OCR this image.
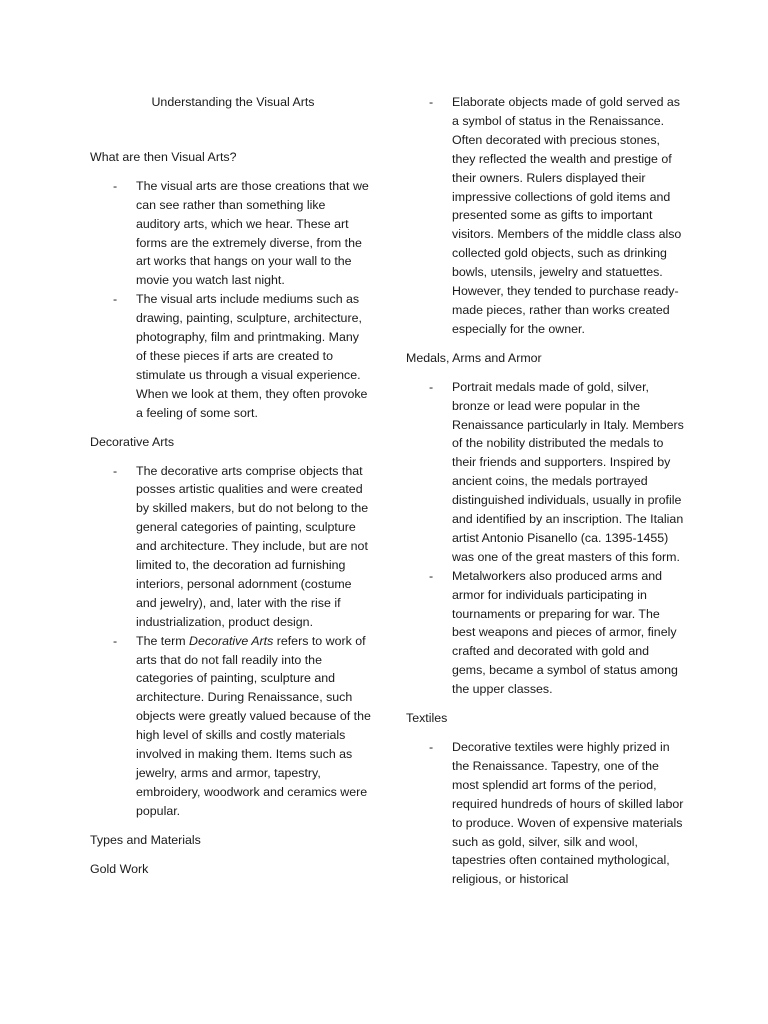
Understanding the Visual Arts
What are then Visual Arts?
- The visual arts are those creations that we can see rather than something like auditory arts, which we hear. These art forms are the extremely diverse, from the art works that hangs on your wall to the movie you watch last night.
- The visual arts include mediums such as drawing, painting, sculpture, architecture, photography, film and printmaking. Many of these pieces if arts are created to stimulate us through a visual experience. When we look at them, they often provoke a feeling of some sort.
Decorative Arts
- The decorative arts comprise objects that posses artistic qualities and were created by skilled makers, but do not belong to the general categories of painting, sculpture and architecture. They include, but are not limited to, the decoration ad furnishing interiors, personal adornment (costume and jewelry), and, later with the rise if industrialization, product design.
- The term Decorative Arts refers to work of arts that do not fall readily into the categories of painting, sculpture and architecture. During Renaissance, such objects were greatly valued because of the high level of skills and costly materials involved in making them. Items such as jewelry, arms and armor, tapestry, embroidery, woodwork and ceramics were popular.
Types and Materials
Gold Work
- Elaborate objects made of gold served as a symbol of status in the Renaissance. Often decorated with precious stones, they reflected the wealth and prestige of their owners. Rulers displayed their impressive collections of gold items and presented some as gifts to important visitors. Members of the middle class also collected gold objects, such as drinking bowls, utensils, jewelry and statuettes. However, they tended to purchase ready-made pieces, rather than works created especially for the owner.
Medals, Arms and Armor
- Portrait medals made of gold, silver, bronze or lead were popular in the Renaissance particularly in Italy. Members of the nobility distributed the medals to their friends and supporters. Inspired by ancient coins, the medals portrayed distinguished individuals, usually in profile and identified by an inscription. The Italian artist Antonio Pisanello (ca. 1395-1455) was one of the great masters of this form.
- Metalworkers also produced arms and armor for individuals participating in tournaments or preparing for war. The best weapons and pieces of armor, finely crafted and decorated with gold and gems, became a symbol of status among the upper classes.
Textiles
- Decorative textiles were highly prized in the Renaissance. Tapestry, one of the most splendid art forms of the period, required hundreds of hours of skilled labor to produce. Woven of expensive materials such as gold, silver, silk and wool, tapestries often contained mythological, religious, or historical
